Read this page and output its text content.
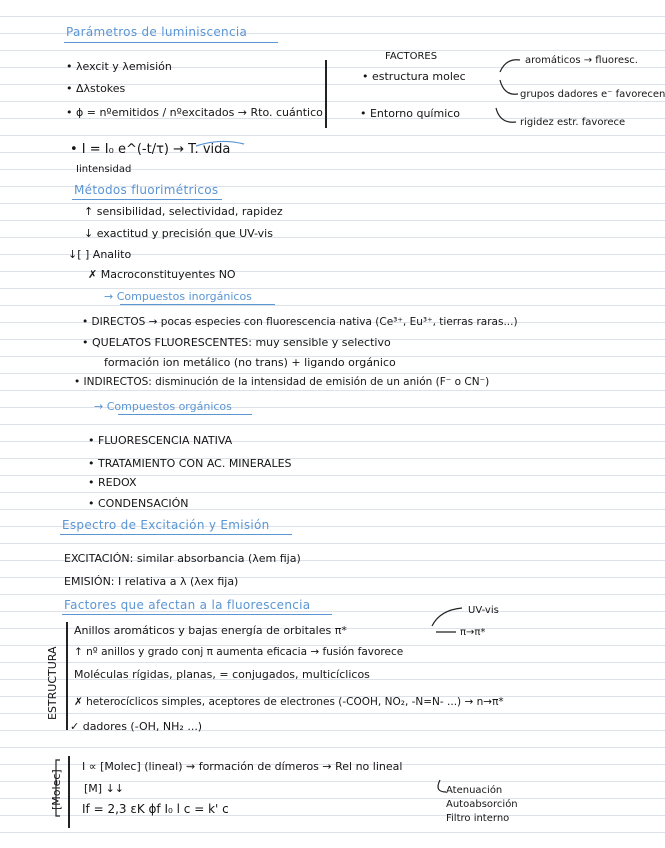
Parámetros de luminiscencia
• λexcit y λemisión
• Δλstokes
• ϕ = nºemitidos / nºexcitados → Rto. cuántico
• I = I₀ e^(-t/τ) → T. vida
Iintensidad
FACTORES
• estructura molec
• Entorno químico
aromáticos → fluoresc.
grupos dadores e⁻ favorecen
rigidez estr. favorece
Métodos fluorimétricos
↑ sensibilidad, selectividad, rapidez
↓ exactitud y precisión que UV-vis
↓[ ] Analito
✗ Macroconstituyentes NO
→ Compuestos inorgánicos
• DIRECTOS → pocas especies con fluorescencia nativa (Ce³⁺, Eu³⁺, tierras raras...)
• QUELATOS FLUORESCENTES: muy sensible y selectivo
formación ion metálico (no trans) + ligando orgánico
• INDIRECTOS: disminución de la intensidad de emisión de un anión (F⁻ o CN⁻)
→ Compuestos orgánicos
• FLUORESCENCIA NATIVA
• TRATAMIENTO CON AC. MINERALES
• REDOX
• CONDENSACIÓN
Espectro de Excitación y Emisión
EXCITACIÓN: similar absorbancia (λem fija)
EMISIÓN: I relativa a λ (λex fija)
Factores que afectan a la fluorescencia
ESTRUCTURA
Anillos aromáticos y bajas energía de orbitales π*
UV-vis
π→π*
↑ nº anillos y grado conj π aumenta eficacia → fusión favorece
Moléculas rígidas, planas, = conjugados, multicíclicos
✗ heterocíclicos simples, aceptores de electrones (-COOH, NO₂, -N=N- ...) → n→π*
✓ dadores (-OH, NH₂ ...)
[Molec]
I ∝ [Molec] (lineal) ⇝ formación de dímeros → Rel no lineal
[M] ↓↓
If = 2,3 εK ϕf I₀ l c = k' c
Atenuación
Autoabsorción
Filtro interno
